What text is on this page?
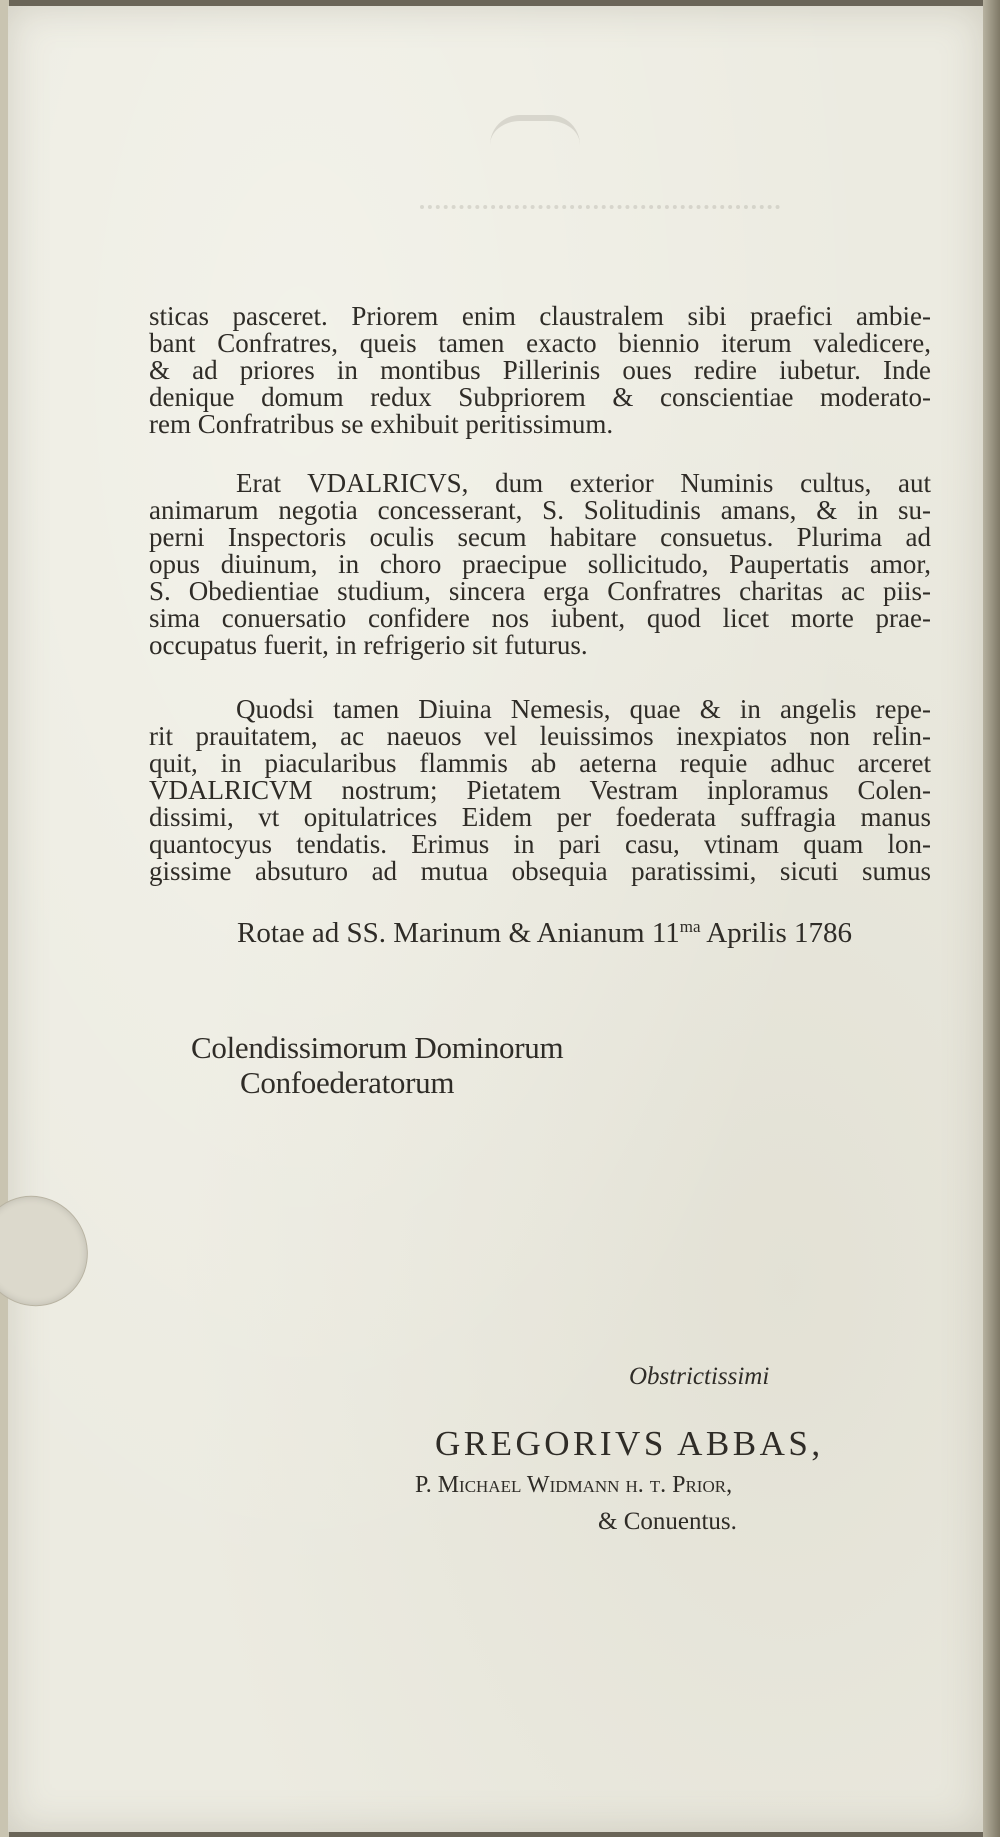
sticas pasceret. Priorem enim claustralem sibi praefici ambie-
bant Confratres, queis tamen exacto biennio iterum valedicere,
& ad priores in montibus Pillerinis oues redire iubetur. Inde
denique domum redux Subpriorem & conscientiae moderato-
rem Confratribus se exhibuit peritissimum.
Erat VDALRICVS, dum exterior Numinis cultus, aut
animarum negotia concesserant, S. Solitudinis amans, & in su-
perni Inspectoris oculis secum habitare consuetus. Plurima ad
opus diuinum, in choro praecipue sollicitudo, Paupertatis amor,
S. Obedientiae studium, sincera erga Confratres charitas ac piis-
sima conuersatio confidere nos iubent, quod licet morte prae-
occupatus fuerit, in refrigerio sit futurus.
Quodsi tamen Diuina Nemesis, quae & in angelis repe-
rit prauitatem, ac naeuos vel leuissimos inexpiatos non relin-
quit, in piacularibus flammis ab aeterna requie adhuc arceret
VDALRICVM nostrum; Pietatem Vestram inploramus Colen-
dissimi, vt opitulatrices Eidem per foederata suffragia manus
quantocyus tendatis. Erimus in pari casu, vtinam quam lon-
gissime absuturo ad mutua obsequia paratissimi, sicuti sumus
Rotae ad SS. Marinum & Anianum $11^{ma}$ Aprilis 1786
Colendissimorum Dominorum
Confoederatorum
Obstrictissimi
GREGORIVS ABBAS,
P. Michael Widmann h. t. Prior,
& Conuentus.
